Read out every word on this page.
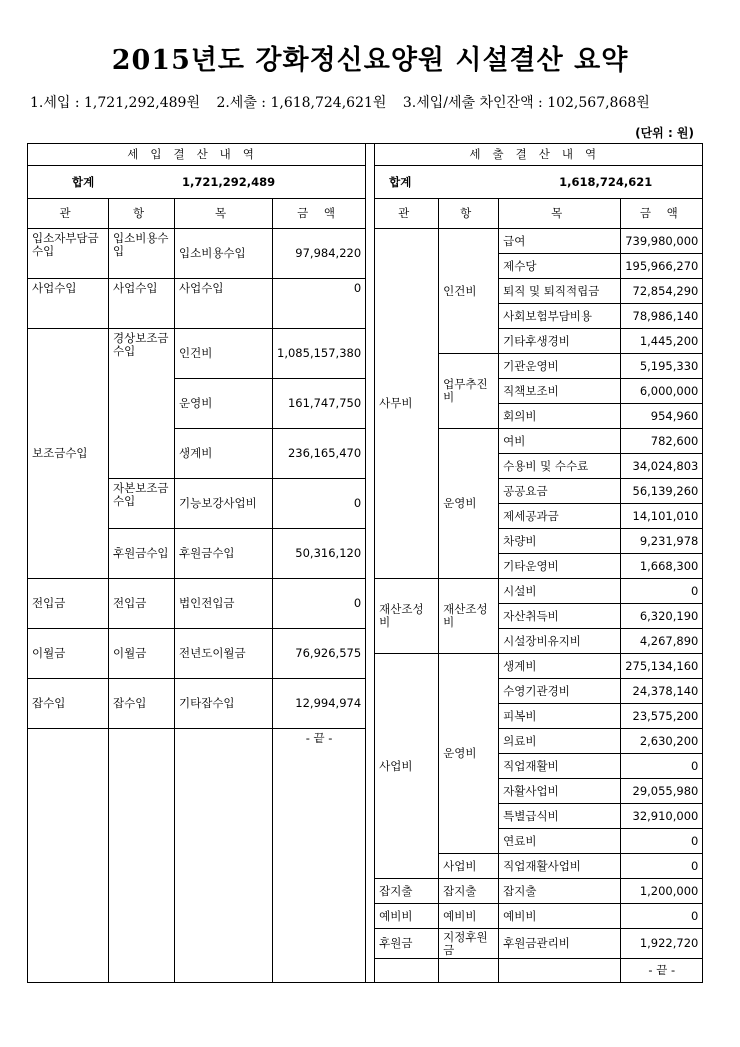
2015년도 강화정신요양원 시설결산 요약
1.세입 : 1,721,292,489원 2.세출 : 1,618,724,621원 3.세입/세출 차인잔액 : 102,567,868원
(단위 : 원)
세입결산내역					세출결산내역			
합계 1,721,292,489					합계 1,618,724,621			
관	항	목	금 액		관	항	목	금 액
입소자부담금수입	입소비용수입	입소비용수입	97,984,220		사무비	인건비	급여	739,980,000
							제수당	195,966,270
사업수입	사업수입	사업수입	0				퇴직 및 퇴직적립금	72,854,290
							사회보험부담비용	78,986,140
보조금수입	경상보조금수입	인건비	1,085,157,380				기타후생경비	1,445,200
						업무추진비	기관운영비	5,195,330
		운영비	161,747,750				직책보조비	6,000,000
							회의비	954,960
		생계비	236,165,470			운영비	여비	782,600
							수용비 및 수수료	34,024,803
	자본보조금수입	기능보강사업비	0				공공요금	56,139,260
							제세공과금	14,101,010
	후원금수입	후원금수입	50,316,120				차량비	9,231,978
							기타운영비	1,668,300
전입금	전입금	법인전입금	0		재산조성비	재산조성비	시설비	0
							자산취득비	6,320,190
이월금	이월금	전년도이월금	76,926,575				시설장비유지비	4,267,890
					사업비	운영비	생계비	275,134,160
잡수입	잡수입	기타잡수입	12,994,974				수영기관경비	24,378,140
							피복비	23,575,200
			- 끝 -				의료비	2,630,200
							직업재활비	0
							자활사업비	29,055,980
							특별급식비	32,910,000
							연료비	0
						사업비	직업재활사업비	0
					잡지출	잡지출	잡지출	1,200,000
					예비비	예비비	예비비	0
					후원금	지정후원금	후원금관리비	1,922,720
								- 끝 -
